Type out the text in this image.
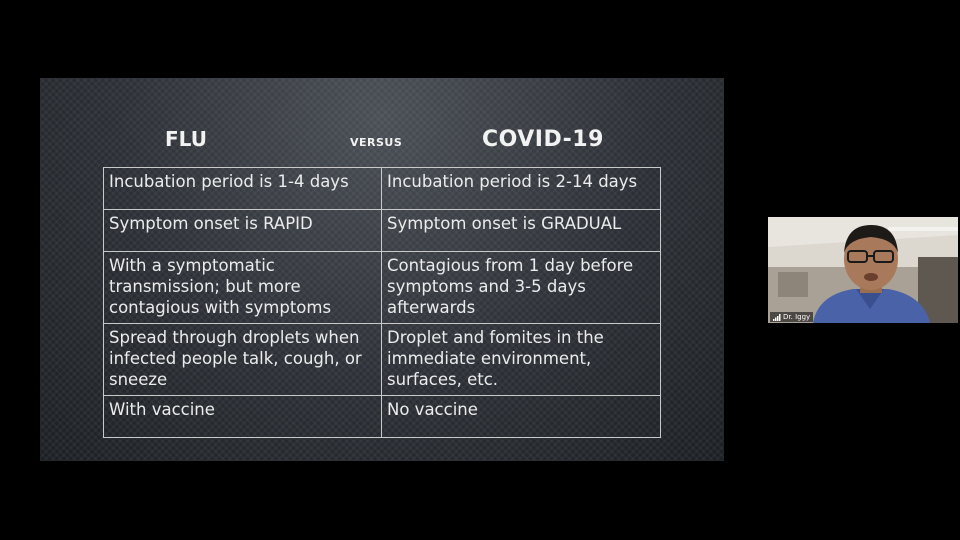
FLU	VERSUS	COVID-19
Incubation period is 1-4 days	Incubation period is 2-14 days
Symptom onset is RAPID	Symptom onset is GRADUAL
With a symptomatic transmission; but more contagious with symptoms	Contagious from 1 day before symptoms and 3-5 days afterwards
Spread through droplets when infected people talk, cough, or sneeze	Droplet and fomites in the immediate environment, surfaces, etc.
With vaccine	No vaccine
Dr. Iggy
